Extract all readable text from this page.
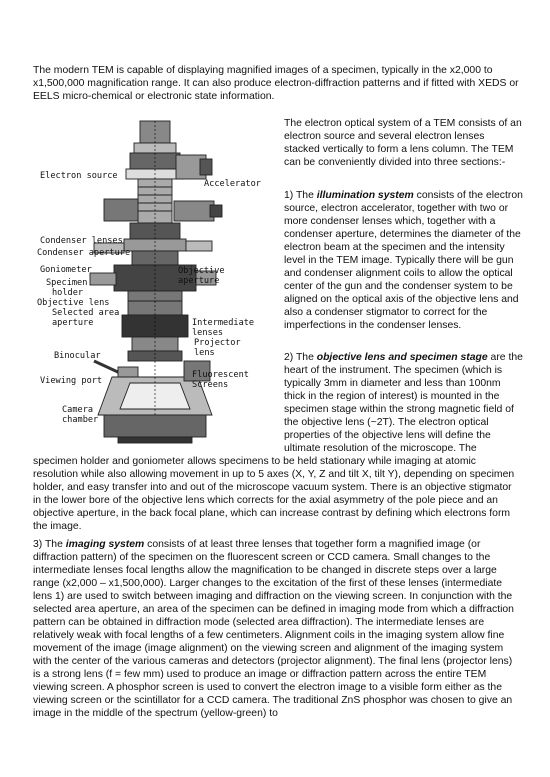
The modern TEM is capable of displaying magnified images of a specimen, typically in the x2,000 to x1,500,000 magnification range. It can also produce electron-diffraction patterns and if fitted with XEDS or EELS micro-chemical or electronic state information.

Electron source
Accelerator
Condenser lenses
Condenser aperture
Goniometer	Objective
aperture
Specimen
holder
Objective lens
Selected area
aperture	Intermediate
lenses
Projector
lens
Binocular
Fluorescent
Screens
Viewing port
Camera
chamber

The electron optical system of a TEM consists of an electron source and several electron lenses stacked vertically to form a lens column. The TEM can be conveniently divided into three sections:-

1) The illumination system consists of the electron source, electron accelerator, together with two or more condenser lenses which, together with a condenser aperture, determines the diameter of the electron beam at the specimen and the intensity level in the TEM image. Typically there will be gun and condenser alignment coils to allow the optical center of the gun and the condenser system to be aligned on the optical axis of the objective lens and also a condenser stigmator to correct for the imperfections in the condenser lenses.

2) The objective lens and specimen stage are the heart of the instrument. The specimen (which is typically 3mm in diameter and less than 100nm thick in the region of interest) is mounted in the specimen stage within the strong magnetic field of the objective lens (~2T). The electron optical properties of the objective lens will define the ultimate resolution of the microscope. The

specimen holder and goniometer allows specimens to be held stationary while imaging at atomic resolution while also allowing movement in up to 5 axes (X, Y, Z and tilt X, tilt Y), depending on specimen holder, and easy transfer into and out of the microscope vacuum system. There is an objective stigmator in the lower bore of the objective lens which corrects for the axial asymmetry of the pole piece and an objective aperture, in the back focal plane, which can increase contrast by defining which electrons form the image.

3) The imaging system consists of at least three lenses that together form a magnified image (or diffraction pattern) of the specimen on the fluorescent screen or CCD camera. Small changes to the intermediate lenses focal lengths allow the magnification to be changed in discrete steps over a large range (x2,000 – x1,500,000). Larger changes to the excitation of the first of these lenses (intermediate lens 1) are used to switch between imaging and diffraction on the viewing screen. In conjunction with the selected area aperture, an area of the specimen can be defined in imaging mode from which a diffraction pattern can be obtained in diffraction mode (selected area diffraction). The intermediate lenses are relatively weak with focal lengths of a few centimeters. Alignment coils in the imaging system allow fine movement of the image (image alignment) on the viewing screen and alignment of the imaging system with the center of the various cameras and detectors (projector alignment). The final lens (projector lens) is a strong lens (f = few mm) used to produce an image or diffraction pattern across the entire TEM viewing screen. A phosphor screen is used to convert the electron image to a visible form either as the viewing screen or the scintillator for a CCD camera. The traditional ZnS phosphor was chosen to give an image in the middle of the spectrum (yellow-green) to
